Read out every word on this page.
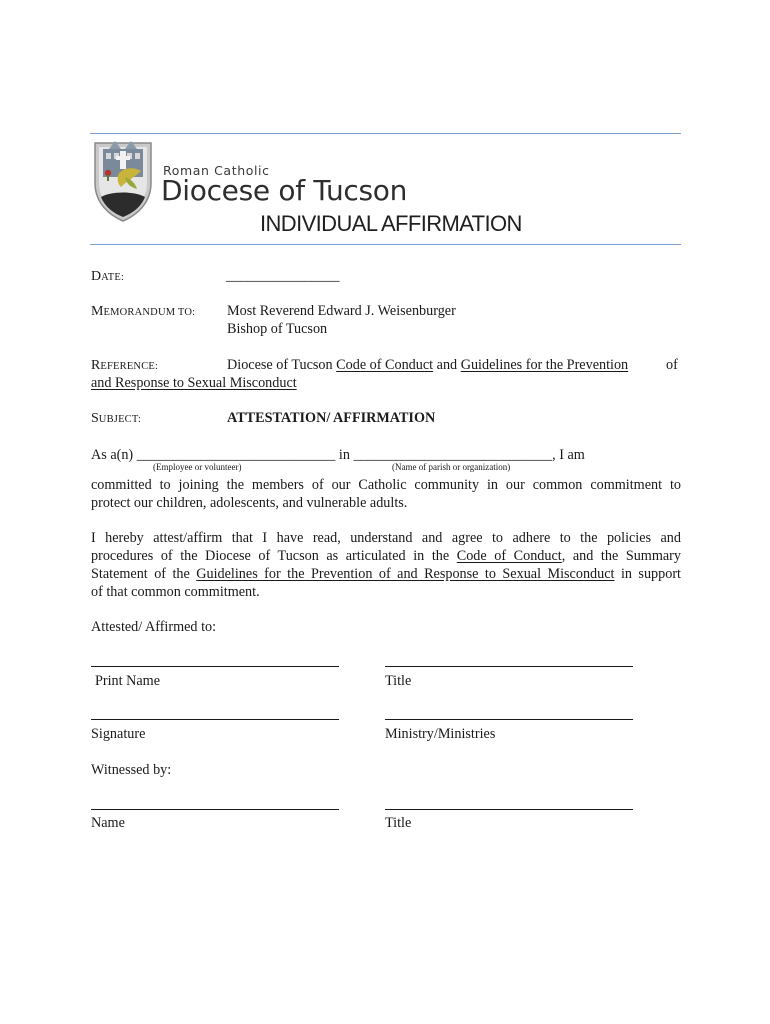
Roman Catholic
Diocese of Tucson
INDIVIDUAL AFFIRMATION
DATE:	________________
MEMORANDUM TO: Most Reverend Edward J. Weisenburger
Bishop of Tucson
REFERENCE:	Diocese of Tucson Code of Conduct and Guidelines for the Prevention	of
and Response to Sexual Misconduct
SUBJECT:	ATTESTATION/ AFFIRMATION
As a(n) ____________________________ in ____________________________, I am
(Employee or volunteer)	(Name of parish or organization)
committed to joining the members of our Catholic community in our common commitment to
protect our children, adolescents, and vulnerable adults.
I hereby attest/affirm that I have read, understand and agree to adhere to the policies and
procedures of the Diocese of Tucson as articulated in the Code of Conduct, and the Summary
Statement of the Guidelines for the Prevention of and Response to Sexual Misconduct in support
of that common commitment.
Attested/ Affirmed to:
Print Name	Title
Signature	Ministry/Ministries
Witnessed by:
Name	Title
